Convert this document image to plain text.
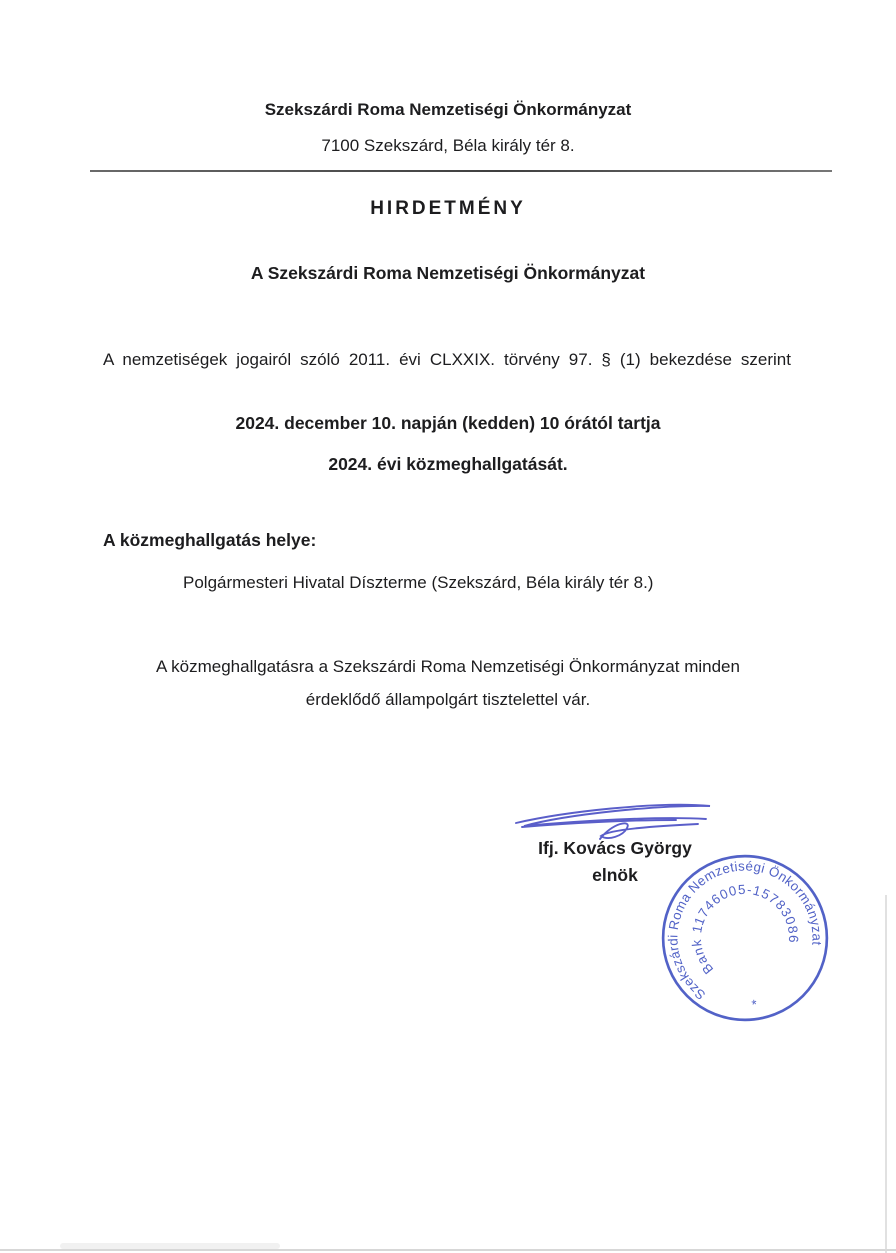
Szekszárdi Roma Nemzetiségi Önkormányzat
7100 Szekszárd, Béla király tér 8.
HIRDETMÉNY
A Szekszárdi Roma Nemzetiségi Önkormányzat
A nemzetiségek jogairól szóló 2011. évi CLXXIX. törvény 97. § (1) bekezdése szerint
2024. december 10. napján (kedden) 10 órától tartja
2024. évi közmeghallgatását.
A közmeghallgatás helye:
Polgármesteri Hivatal Díszterme (Szekszárd, Béla király tér 8.)
A közmeghallgatásra a Szekszárdi Roma Nemzetiségi Önkormányzat minden érdeklődő állampolgárt tisztelettel vár.
Ifj. Kovács György
elnök
Szekszárdi Roma Nemzetiségi Önkormányzat
Bank 11746005-15783086
*
